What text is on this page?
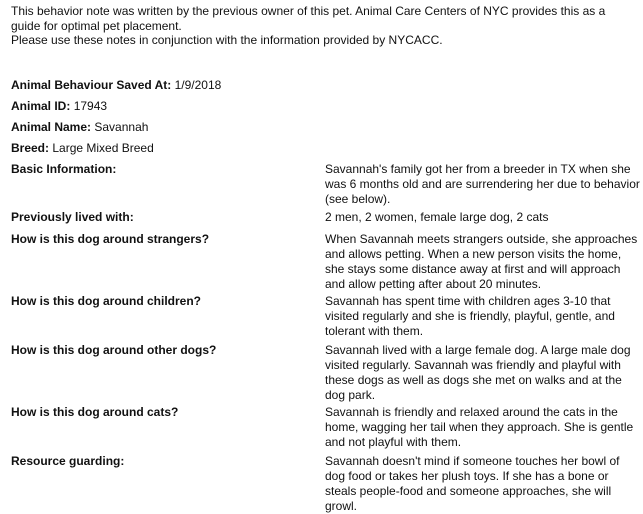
This behavior note was written by the previous owner of this pet. Animal Care Centers of NYC provides this as a guide for optimal pet placement.
Please use these notes in conjunction with the information provided by NYCACC.
Animal Behaviour Saved At: 1/9/2018
Animal ID: 17943
Animal Name: Savannah
Breed: Large Mixed Breed
Basic Information:	Savannah's family got her from a breeder in TX when she was 6 months old and are surrendering her due to behavior (see below).
Previously lived with:	2 men, 2 women, female large dog, 2 cats
How is this dog around strangers?	When Savannah meets strangers outside, she approaches and allows petting. When a new person visits the home, she stays some distance away at first and will approach and allow petting after about 20 minutes.
How is this dog around children?	Savannah has spent time with children ages 3-10 that visited regularly and she is friendly, playful, gentle, and tolerant with them.
How is this dog around other dogs?	Savannah lived with a large female dog. A large male dog visited regularly. Savannah was friendly and playful with these dogs as well as dogs she met on walks and at the dog park.
How is this dog around cats?	Savannah is friendly and relaxed around the cats in the home, wagging her tail when they approach. She is gentle and not playful with them.
Resource guarding:	Savannah doesn't mind if someone touches her bowl of dog food or takes her plush toys. If she has a bone or steals people-food and someone approaches, she will growl.
